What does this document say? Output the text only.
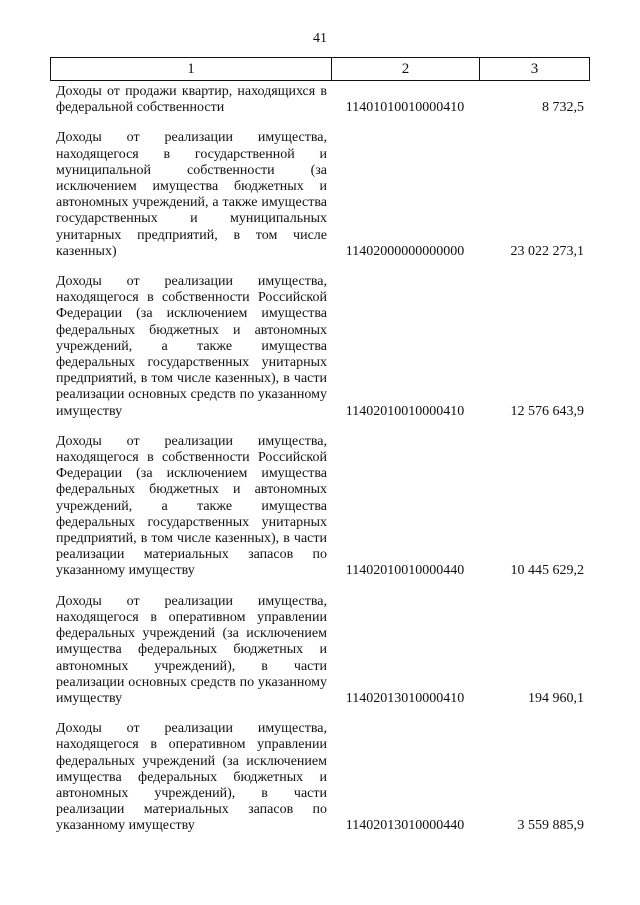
41
1	2	3
Доходы от продажи квартир, находящихся в федеральной собственности	11401010010000410	8 732,5
Доходы от реализации имущества, находящегося в государственной и муниципальной собственности (за исключением имущества бюджетных и автономных учреждений, а также имущества государственных и муниципальных унитарных предприятий, в том числе казенных)	11402000000000000	23 022 273,1
Доходы от реализации имущества, находящегося в собственности Российской Федерации (за исключением имущества федеральных бюджетных и автономных учреждений, а также имущества федеральных государственных унитарных предприятий, в том числе казенных), в части реализации основных средств по указанному имуществу	11402010010000410	12 576 643,9
Доходы от реализации имущества, находящегося в собственности Российской Федерации (за исключением имущества федеральных бюджетных и автономных учреждений, а также имущества федеральных государственных унитарных предприятий, в том числе казенных), в части реализации материальных запасов по указанному имуществу	11402010010000440	10 445 629,2
Доходы от реализации имущества, находящегося в оперативном управлении федеральных учреждений (за исключением имущества федеральных бюджетных и автономных учреждений), в части реализации основных средств по указанному имуществу	11402013010000410	194 960,1
Доходы от реализации имущества, находящегося в оперативном управлении федеральных учреждений (за исключением имущества федеральных бюджетных и автономных учреждений), в части реализации материальных запасов по указанному имуществу	11402013010000440	3 559 885,9
